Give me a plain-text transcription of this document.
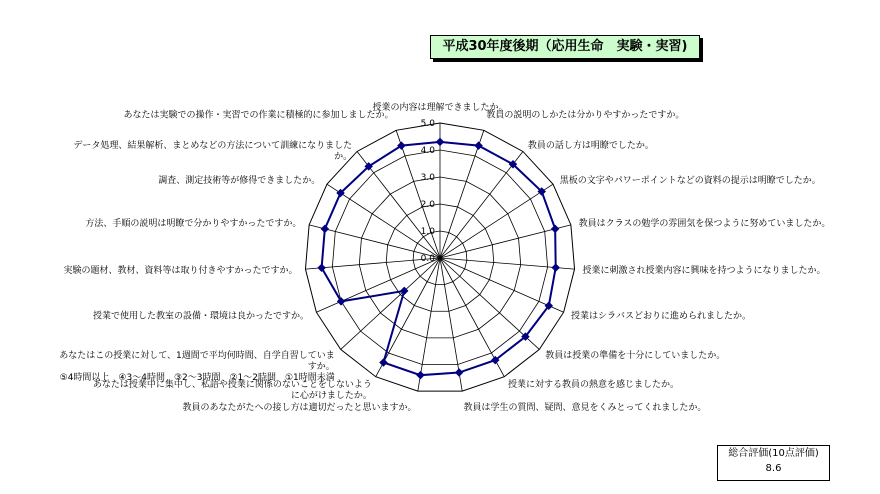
平成30年度後期（応用生命　実験・実習)
0.0
1.0
2.0
3.0
4.0
5.0
授業の内容は理解できましたか。
教員の説明のしかたは分かりやすかったですか。
教員の話し方は明瞭でしたか。
黒板の文字やパワーポイントなどの資料の提示は明瞭でしたか。
教員はクラスの勉学の雰囲気を保つように努めていましたか。
授業に刺激され授業内容に興味を持つようになりましたか。
授業はシラバスどおりに進められましたか。
教員は授業の準備を十分にしていましたか。
授業に対する教員の熱意を感じましたか。
教員は学生の質問、疑問、意見をくみとってくれましたか。
教員のあなたがたへの接し方は適切だったと思いますか。
あなたは授業中に集中し、私語や授業に関係のないことをしないように心がけましたか。
あなたはこの授業に対して、1週間で平均何時間、自学自習していますか。
授業で使用した教室の設備・環境は良かったですか。
実験の題材、教材、資料等は取り付きやすかったですか。
方法、手順の説明は明瞭で分かりやすかったですか。
調査、測定技術等が修得できましたか。
データ処理、結果解析、まとめなどの方法について訓練になりましたか。
あなたは実験での操作・実習での作業に積極的に参加しましたか。
⑤4時間以上　④3～4時間　③2～3時間　②1～2時間　①1時間未満
総合評価(10点評価)
8.6
